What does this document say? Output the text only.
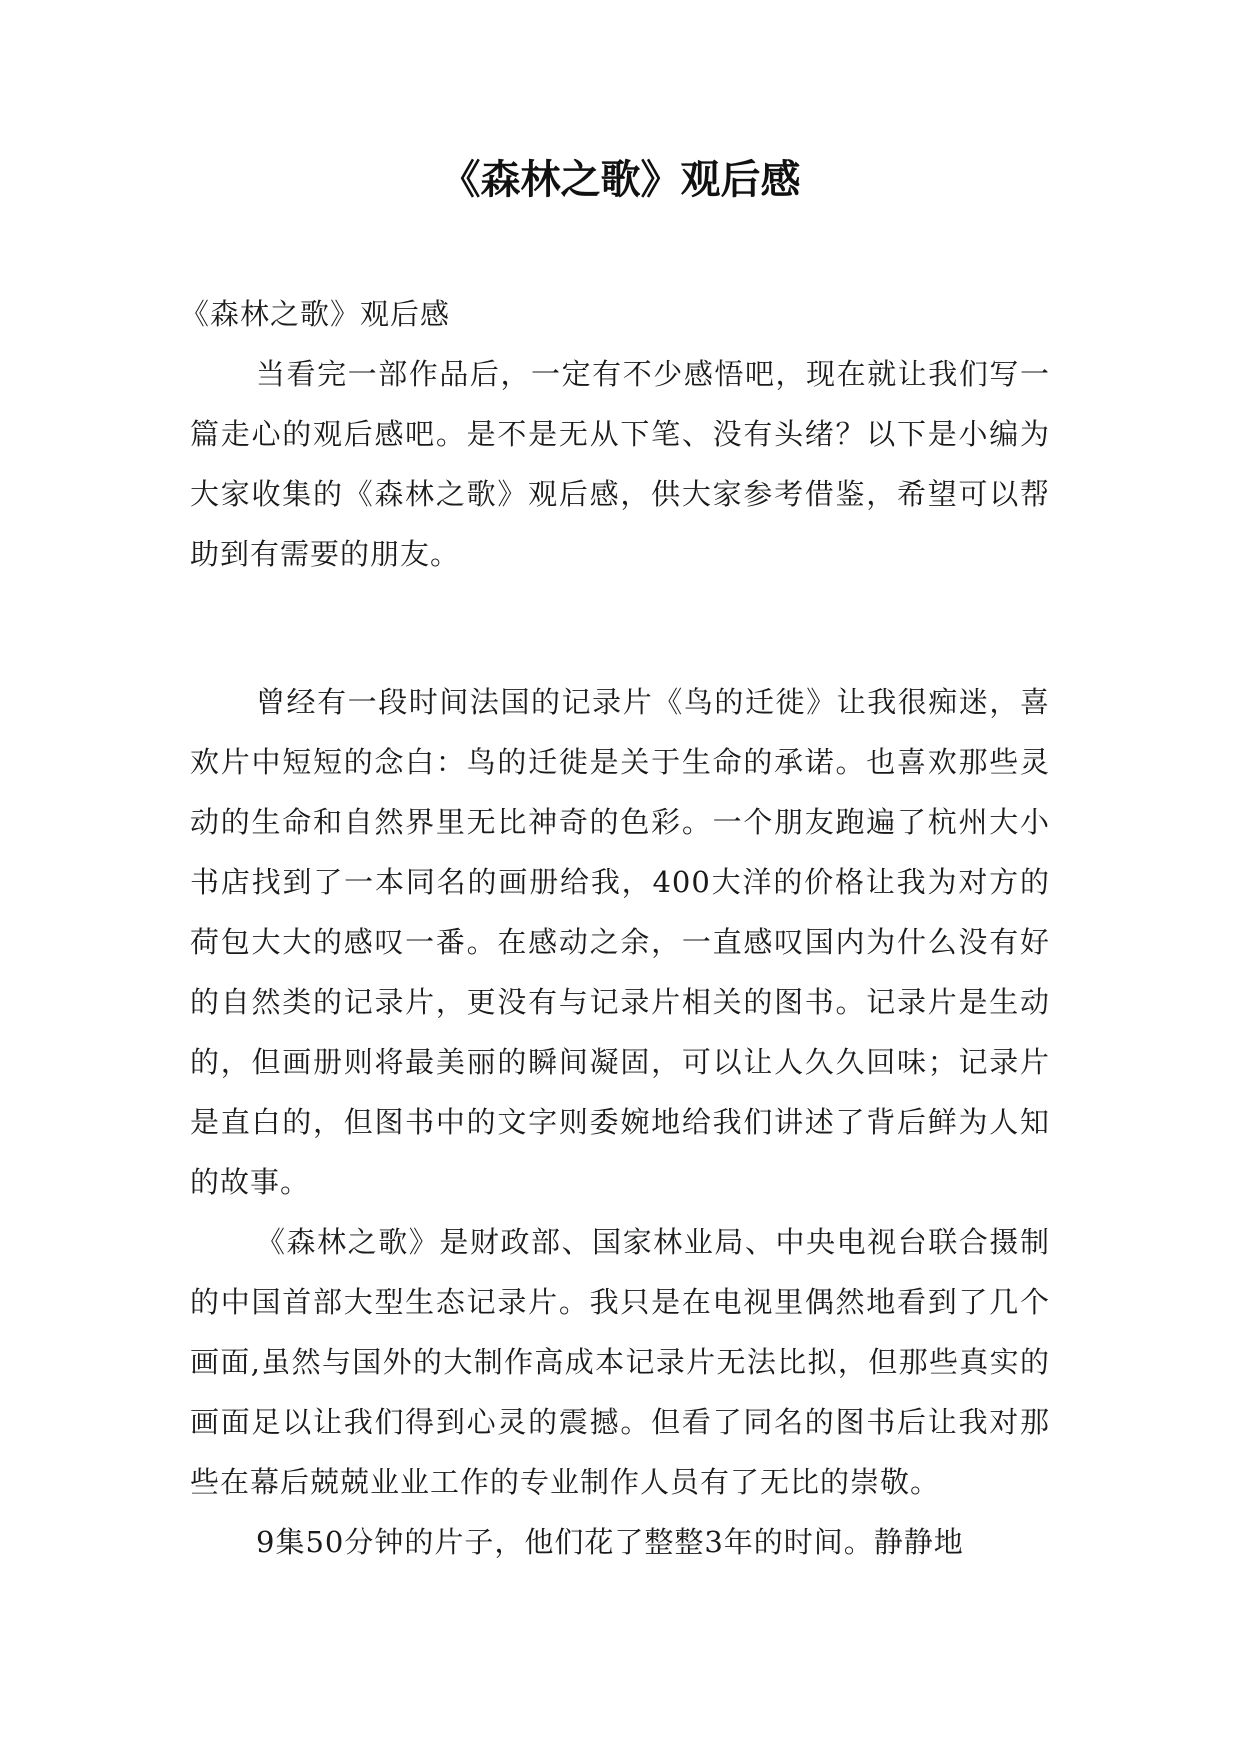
《森林之歌》观后感

《森林之歌》观后感

当看完一部作品后，一定有不少感悟吧，现在就让我们写一篇走心的观后感吧。是不是无从下笔、没有头绪？以下是小编为大家收集的《森林之歌》观后感，供大家参考借鉴，希望可以帮助到有需要的朋友。

曾经有一段时间法国的记录片《鸟的迁徙》让我很痴迷，喜欢片中短短的念白：鸟的迁徙是关于生命的承诺。也喜欢那些灵动的生命和自然界里无比神奇的色彩。一个朋友跑遍了杭州大小书店找到了一本同名的画册给我，400大洋的价格让我为对方的荷包大大的感叹一番。在感动之余，一直感叹国内为什么没有好的自然类的记录片，更没有与记录片相关的图书。记录片是生动的，但画册则将最美丽的瞬间凝固，可以让人久久回味；记录片是直白的，但图书中的文字则委婉地给我们讲述了背后鲜为人知的故事。

《森林之歌》是财政部、国家林业局、中央电视台联合摄制的中国首部大型生态记录片。我只是在电视里偶然地看到了几个画面,虽然与国外的大制作高成本记录片无法比拟，但那些真实的画面足以让我们得到心灵的震撼。但看了同名的图书后让我对那些在幕后兢兢业业工作的专业制作人员有了无比的崇敬。

9集50分钟的片子，他们花了整整3年的时间。静静地
